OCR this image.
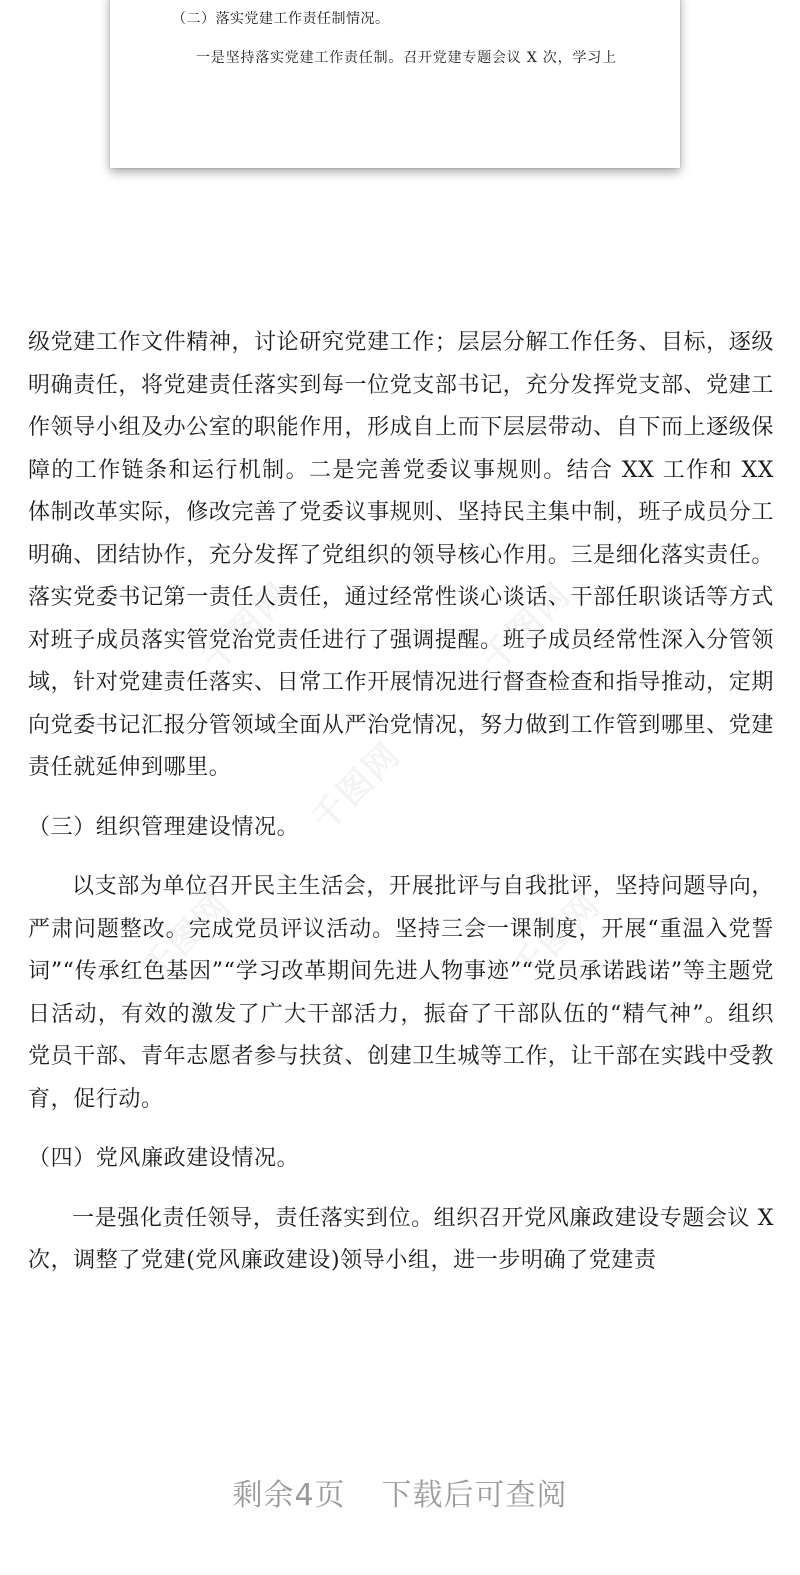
（二）落实党建工作责任制情况。
一是坚持落实党建工作责任制。召开党建专题会议 X 次，学习上
千图网	千图网
千图网
千图网	千图网

级党建工作文件精神，讨论研究党建工作；层层分解工作任务、目标，逐级明确责任，将党建责任落实到每一位党支部书记，充分发挥党支部、党建工作领导小组及办公室的职能作用，形成自上而下层层带动、自下而上逐级保障的工作链条和运行机制。二是完善党委议事规则。结合 XX 工作和 XX 体制改革实际，修改完善了党委议事规则、坚持民主集中制，班子成员分工明确、团结协作，充分发挥了党组织的领导核心作用。三是细化落实责任。落实党委书记第一责任人责任，通过经常性谈心谈话、干部任职谈话等方式对班子成员落实管党治党责任进行了强调提醒。班子成员经常性深入分管领域，针对党建责任落实、日常工作开展情况进行督查检查和指导推动，定期向党委书记汇报分管领域全面从严治党情况，努力做到工作管到哪里、党建责任就延伸到哪里。

（三）组织管理建设情况。

以支部为单位召开民主生活会，开展批评与自我批评，坚持问题导向，严肃问题整改。完成党员评议活动。坚持三会一课制度，开展“重温入党誓词”“传承红色基因”“学习改革期间先进人物事迹”“党员承诺践诺”等主题党日活动，有效的激发了广大干部活力，振奋了干部队伍的“精气神”。组织党员干部、青年志愿者参与扶贫、创建卫生城等工作，让干部在实践中受教育，促行动。

（四）党风廉政建设情况。

一是强化责任领导，责任落实到位。组织召开党风廉政建设专题会议 X 次，调整了党建(党风廉政建设)领导小组，进一步明确了党建责

剩余4页 下载后可查阅
